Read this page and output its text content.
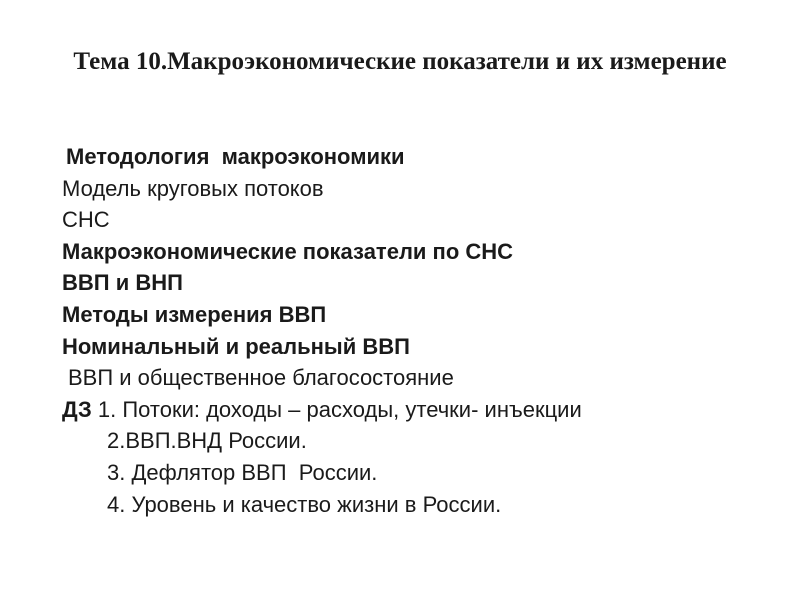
Тема 10.Макроэкономические показатели и их измерение
Методология  макроэкономики
Модель круговых потоков
СНС
Макроэкономические показатели по СНС
ВВП и ВНП
Методы измерения ВВП
Номинальный и реальный ВВП
ВВП и общественное благосостояние
ДЗ 1. Потоки: доходы – расходы, утечки- инъекции
2.ВВП.ВНД России.
3. Дефлятор ВВП  России.
4. Уровень и качество жизни в России.
